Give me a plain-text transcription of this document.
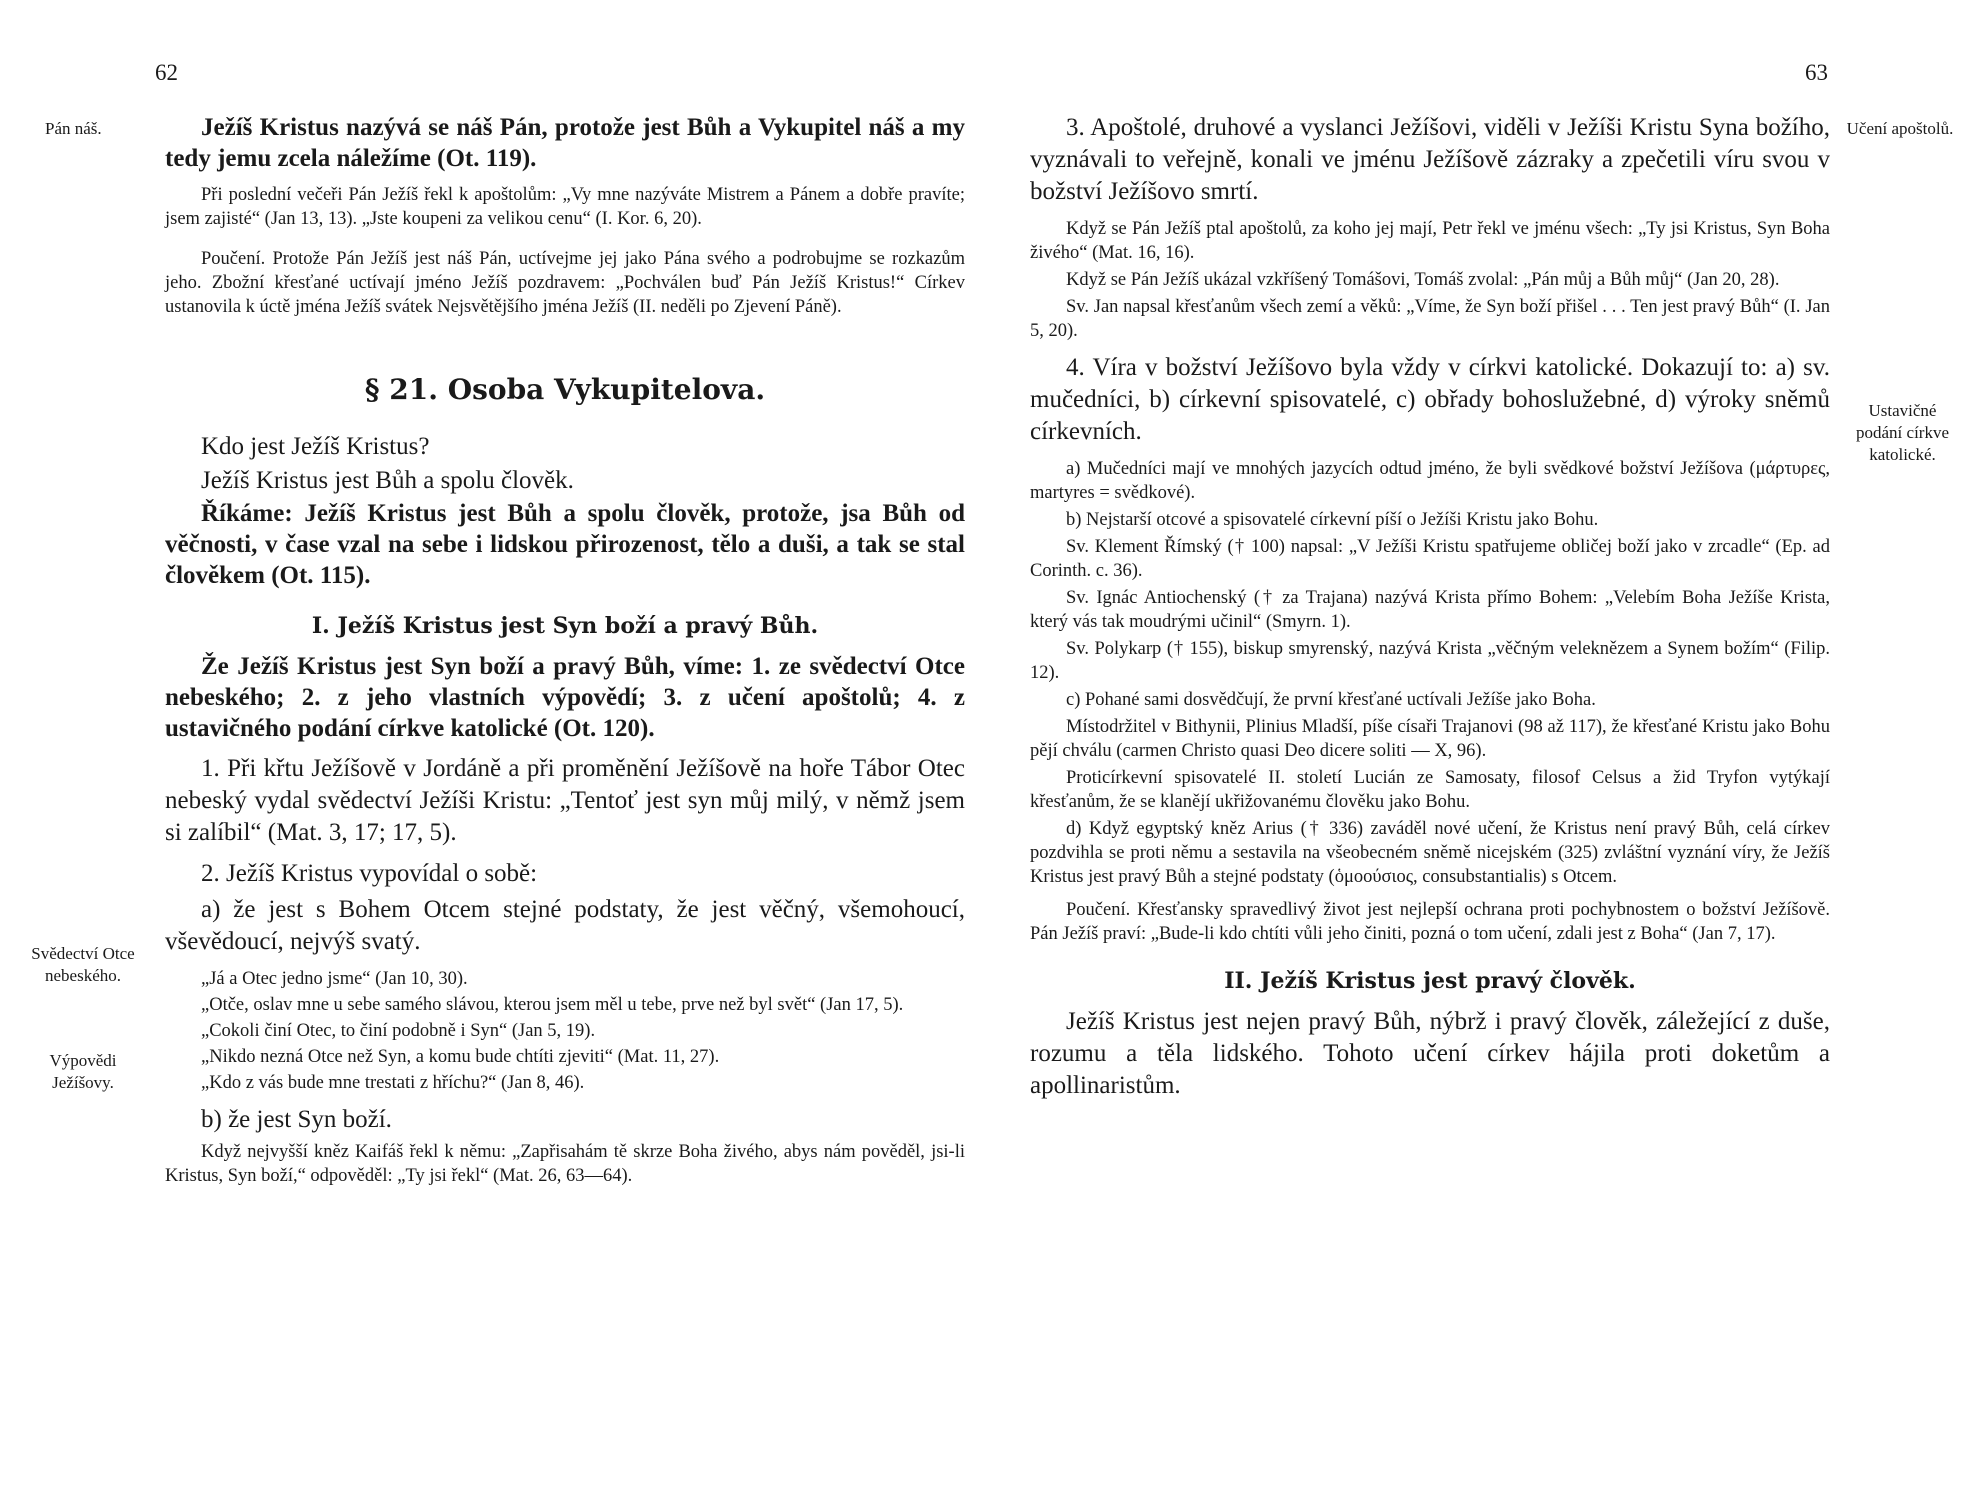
62
Pán náš.
Svědectví Otce nebeského.
Výpovědi Ježíšovy.

Ježíš Kristus nazývá se náš Pán, protože jest Bůh a Vykupitel náš a my tedy jemu zcela náležíme (Ot. 119).

Při poslední večeři Pán Ježíš řekl k apoštolům: „Vy mne nazýváte Mistrem a Pánem a dobře pravíte; jsem zajisté“ (Jan 13, 13). „Jste koupeni za velikou cenu“ (I. Kor. 6, 20).

Poučení. Protože Pán Ježíš jest náš Pán, uctívejme jej jako Pána svého a podrobujme se rozkazům jeho. Zbožní křesťané uctívají jméno Ježíš pozdravem: „Pochválen buď Pán Ježíš Kristus!“ Církev ustanovila k úctě jména Ježíš svátek Nejsvětějšího jména Ježíš (II. neděli po Zjevení Páně).

§ 21. Osoba Vykupitelova.

Kdo jest Ježíš Kristus?

Ježíš Kristus jest Bůh a spolu člověk.

Říkáme: Ježíš Kristus jest Bůh a spolu člověk, protože, jsa Bůh od věčnosti, v čase vzal na sebe i lidskou přirozenost, tělo a duši, a tak se stal člověkem (Ot. 115).

I. Ježíš Kristus jest Syn boží a pravý Bůh.

Že Ježíš Kristus jest Syn boží a pravý Bůh, víme: 1. ze svědectví Otce nebeského; 2. z jeho vlastních výpovědí; 3. z učení apoštolů; 4. z ustavičného podání církve katolické (Ot. 120).

1. Při křtu Ježíšově v Jordáně a při proměnění Ježíšově na hoře Tábor Otec nebeský vydal svědectví Ježíši Kristu: „Tentoť jest syn můj milý, v němž jsem si zalíbil“ (Mat. 3, 17; 17, 5).

2. Ježíš Kristus vypovídal o sobě:

a) že jest s Bohem Otcem stejné podstaty, že jest věčný, všemohoucí, vševědoucí, nejvýš svatý.

„Já a Otec jedno jsme“ (Jan 10, 30).

„Otče, oslav mne u sebe samého slávou, kterou jsem měl u tebe, prve než byl svět“ (Jan 17, 5).

„Cokoli činí Otec, to činí podobně i Syn“ (Jan 5, 19).

„Nikdo nezná Otce než Syn, a komu bude chtíti zjeviti“ (Mat. 11, 27).

„Kdo z vás bude mne trestati z hříchu?“ (Jan 8, 46).

b) že jest Syn boží.

Když nejvyšší kněz Kaifáš řekl k němu: „Zapřisahám tě skrze Boha živého, abys nám pověděl, jsi-li Kristus, Syn boží,“ odpověděl: „Ty jsi řekl“ (Mat. 26, 63—64).

63
Učení apoštolů.
Ustavičné podání církve katolické.

3. Apoštolé, druhové a vyslanci Ježíšovi, viděli v Ježíši Kristu Syna božího, vyznávali to veřejně, konali ve jménu Ježíšově zázraky a zpečetili víru svou v božství Ježíšovo smrtí.

Když se Pán Ježíš ptal apoštolů, za koho jej mají, Petr řekl ve jménu všech: „Ty jsi Kristus, Syn Boha živého“ (Mat. 16, 16).

Když se Pán Ježíš ukázal vzkříšený Tomášovi, Tomáš zvolal: „Pán můj a Bůh můj“ (Jan 20, 28).

Sv. Jan napsal křesťanům všech zemí a věků: „Víme, že Syn boží přišel . . . Ten jest pravý Bůh“ (I. Jan 5, 20).

4. Víra v božství Ježíšovo byla vždy v církvi katolické. Dokazují to: a) sv. mučedníci, b) církevní spisovatelé, c) obřady bohoslužebné, d) výroky sněmů církevních.

a) Mučedníci mají ve mnohých jazycích odtud jméno, že byli svědkové božství Ježíšova (μάρτυρες, martyres = svědkové).

b) Nejstarší otcové a spisovatelé církevní píší o Ježíši Kristu jako Bohu.

Sv. Klement Římský († 100) napsal: „V Ježíši Kristu spatřujeme obličej boží jako v zrcadle“ (Ep. ad Corinth. c. 36).

Sv. Ignác Antiochenský († za Trajana) nazývá Krista přímo Bohem: „Velebím Boha Ježíše Krista, který vás tak moudrými učinil“ (Smyrn. 1).

Sv. Polykarp († 155), biskup smyrenský, nazývá Krista „věčným veleknězem a Synem božím“ (Filip. 12).

c) Pohané sami dosvědčují, že první křesťané uctívali Ježíše jako Boha.

Místodržitel v Bithynii, Plinius Mladší, píše císaři Trajanovi (98 až 117), že křesťané Kristu jako Bohu pějí chválu (carmen Christo quasi Deo dicere soliti — X, 96).

Proticírkevní spisovatelé II. století Lucián ze Samosaty, filosof Celsus a žid Tryfon vytýkají křesťanům, že se klanějí ukřižovanému člověku jako Bohu.

d) Když egyptský kněz Arius († 336) zaváděl nové učení, že Kristus není pravý Bůh, celá církev pozdvihla se proti němu a sestavila na všeobecném sněmě nicejském (325) zvláštní vyznání víry, že Ježíš Kristus jest pravý Bůh a stejné podstaty (ὁμοούσιος, consubstantialis) s Otcem.

Poučení. Křesťansky spravedlivý život jest nejlepší ochrana proti pochybnostem o božství Ježíšově. Pán Ježíš praví: „Bude-li kdo chtíti vůli jeho činiti, pozná o tom učení, zdali jest z Boha“ (Jan 7, 17).

II. Ježíš Kristus jest pravý člověk.

Ježíš Kristus jest nejen pravý Bůh, nýbrž i pravý člověk, záležející z duše, rozumu a těla lidského. Tohoto učení církev hájila proti doketům a apollinaristům.
